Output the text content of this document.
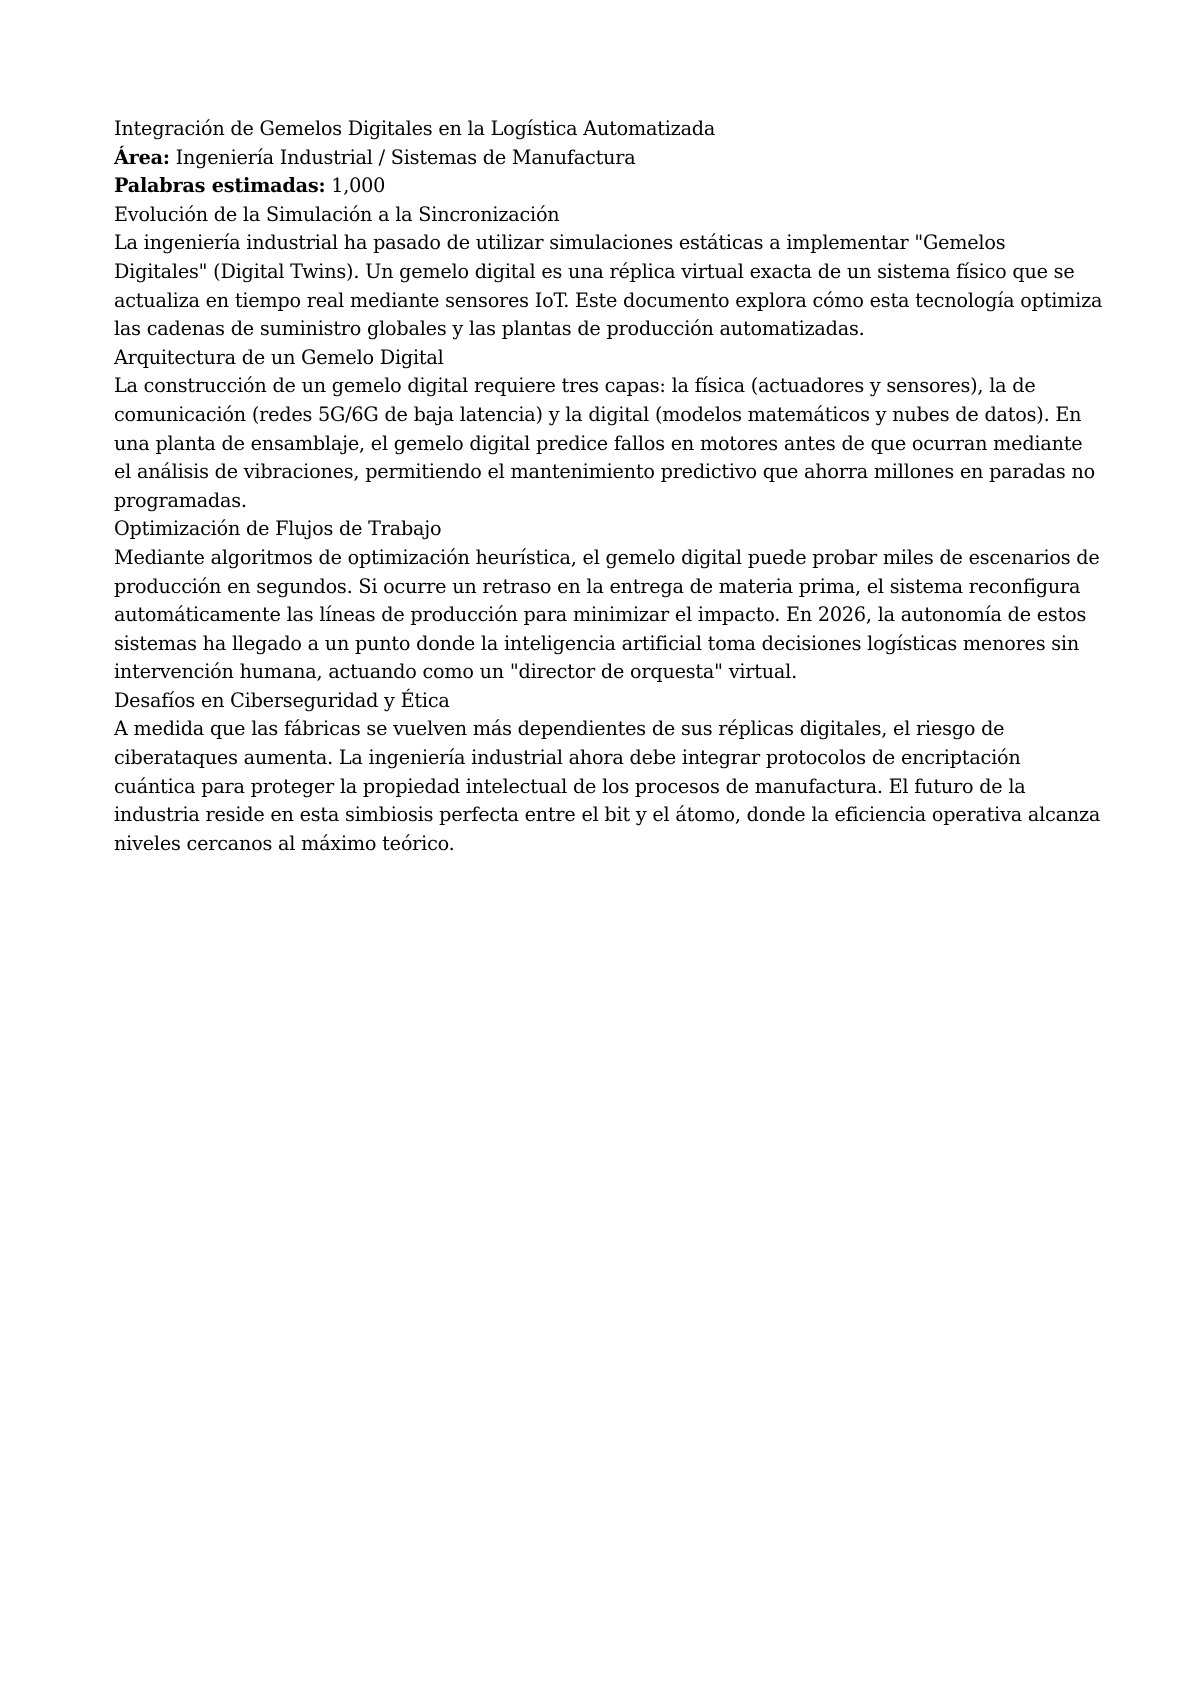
Integración de Gemelos Digitales en la Logística Automatizada

Área: Ingeniería Industrial / Sistemas de Manufactura

Palabras estimadas: 1,000

Evolución de la Simulación a la Sincronización

La ingeniería industrial ha pasado de utilizar simulaciones estáticas a implementar "Gemelos Digitales" (Digital Twins). Un gemelo digital es una réplica virtual exacta de un sistema físico que se actualiza en tiempo real mediante sensores IoT. Este documento explora cómo esta tecnología optimiza las cadenas de suministro globales y las plantas de producción automatizadas.

Arquitectura de un Gemelo Digital

La construcción de un gemelo digital requiere tres capas: la física (actuadores y sensores), la de comunicación (redes 5G/6G de baja latencia) y la digital (modelos matemáticos y nubes de datos). En una planta de ensamblaje, el gemelo digital predice fallos en motores antes de que ocurran mediante el análisis de vibraciones, permitiendo el mantenimiento predictivo que ahorra millones en paradas no programadas.

Optimización de Flujos de Trabajo

Mediante algoritmos de optimización heurística, el gemelo digital puede probar miles de escenarios de producción en segundos. Si ocurre un retraso en la entrega de materia prima, el sistema reconfigura automáticamente las líneas de producción para minimizar el impacto. En 2026, la autonomía de estos sistemas ha llegado a un punto donde la inteligencia artificial toma decisiones logísticas menores sin intervención humana, actuando como un "director de orquesta" virtual.

Desafíos en Ciberseguridad y Ética

A medida que las fábricas se vuelven más dependientes de sus réplicas digitales, el riesgo de ciberataques aumenta. La ingeniería industrial ahora debe integrar protocolos de encriptación cuántica para proteger la propiedad intelectual de los procesos de manufactura. El futuro de la industria reside en esta simbiosis perfecta entre el bit y el átomo, donde la eficiencia operativa alcanza niveles cercanos al máximo teórico.
